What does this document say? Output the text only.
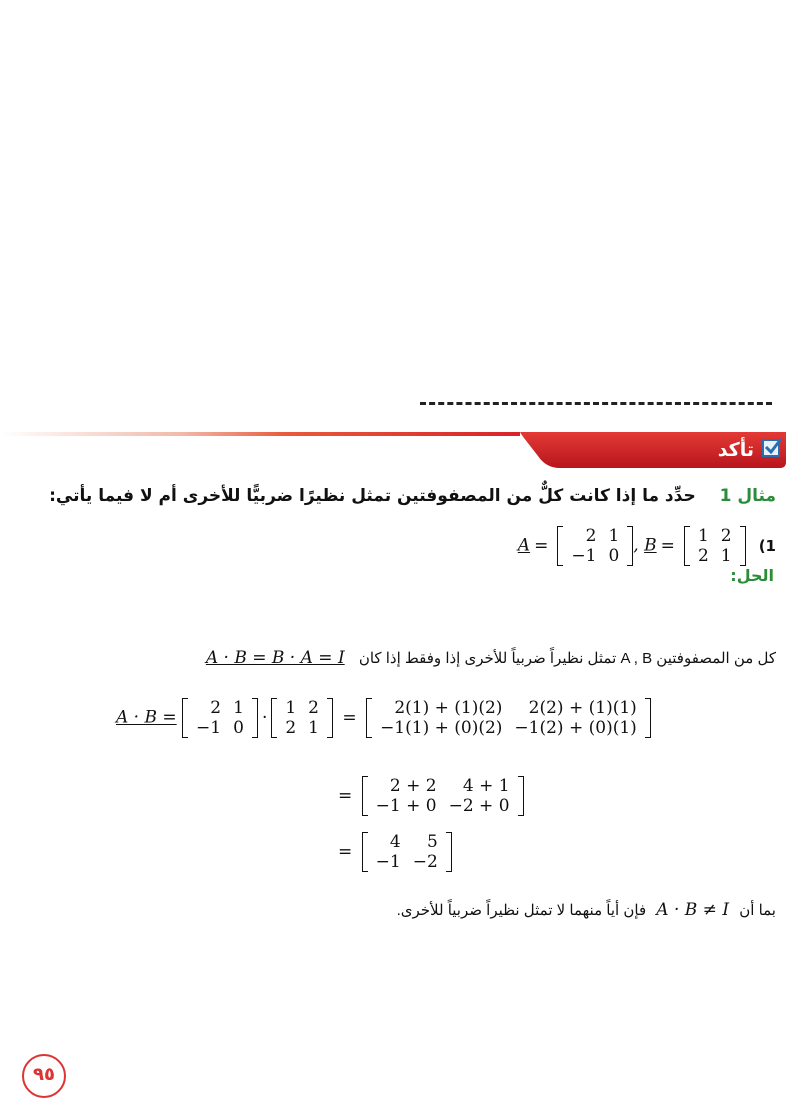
تأكد
مثال 1 حدِّد ما إذا كانت كلٌّ من المصفوفتين تمثل نظيرًا ضربيًّا للأخرى أم لا فيما يأتي:
A = 2	1
−1	0
, B = 1	2
2	1
(1
الحل:
كل من المصفوفتين A , B تمثل نظيراً ضربياً للأخرى إذا وفقط إذا كان A · B = B · A = I
A · B = 2	1
−1	0
· 1	2
2	1
= 2(1) + (1)(2)	2(2) + (1)(1)
−1(1) + (0)(2)	−1(2) + (0)(1)
= 2 + 2	4 + 1
−1 + 0	−2 + 0
= 4	5
−1	−2
بما أن A · B ≠ I فإن أياً منهما لا تمثل نظيراً ضربياً للأخرى.
٩٥
